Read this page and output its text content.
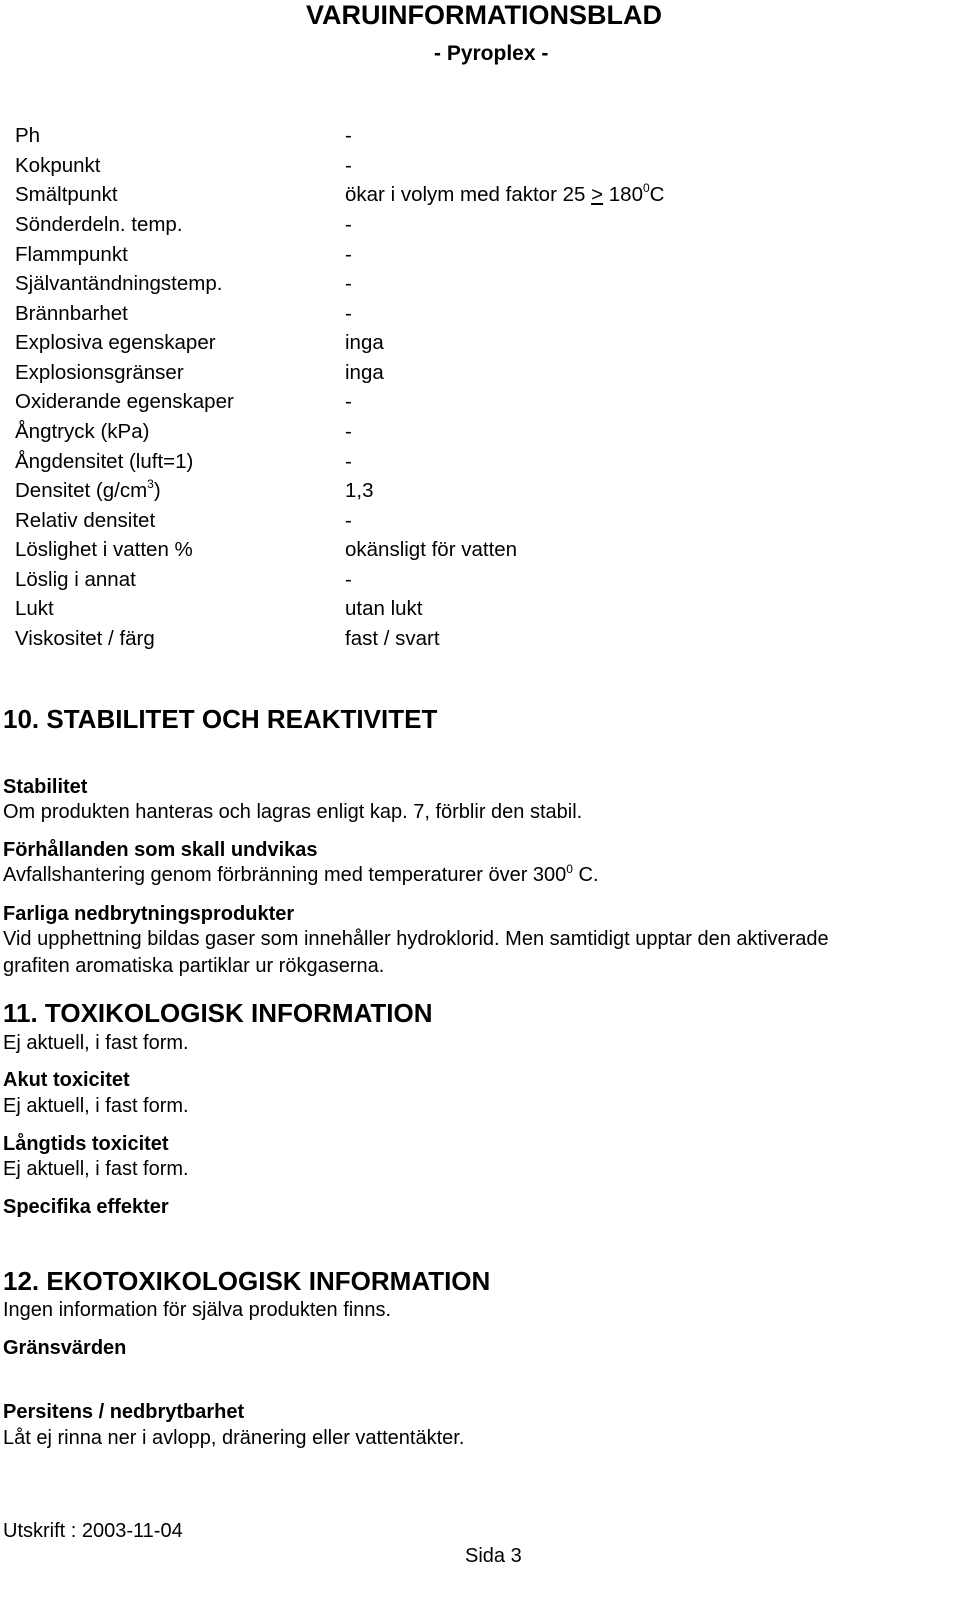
VARUINFORMATIONSBLAD
- Pyroplex -
Ph	-
Kokpunkt	-
Smältpunkt	ökar i volym med faktor $25 > 180^0C$
Sönderdeln. temp.	-
Flammpunkt	-
Självantändningstemp.	-
Brännbarhet	-
Explosiva egenskaper	inga
Explosionsgränser	inga
Oxiderande egenskaper	-
Ångtryck (kPa)	-
Ångdensitet (luft=1)	-
Densitet $(g/cm^3)$	1,3
Relativ densitet	-
Löslighet i vatten %	okänsligt för vatten
Löslig i annat	-
Lukt	utan lukt
Viskositet / färg	fast / svart
10. STABILITET OCH REAKTIVITET
Stabilitet
Om produkten hanteras och lagras enligt kap. 7, förblir den stabil.
Förhållanden som skall undvikas
Avfallshantering genom förbränning med temperaturer över $300^0$ C.
Farliga nedbrytningsprodukter
Vid upphettning bildas gaser som innehåller hydroklorid. Men samtidigt upptar den aktiverade
grafiten aromatiska partiklar ur rökgaserna.
11. TOXIKOLOGISK INFORMATION
Ej aktuell, i fast form.
Akut toxicitet
Ej aktuell, i fast form.
Långtids toxicitet
Ej aktuell, i fast form.
Specifika effekter
12. EKOTOXIKOLOGISK INFORMATION
Ingen information för själva produkten finns.
Gränsvärden
Persitens / nedbrytbarhet
Låt ej rinna ner i avlopp, dränering eller vattentäkter.
Utskrift : 2003-11-04
Sida 3
